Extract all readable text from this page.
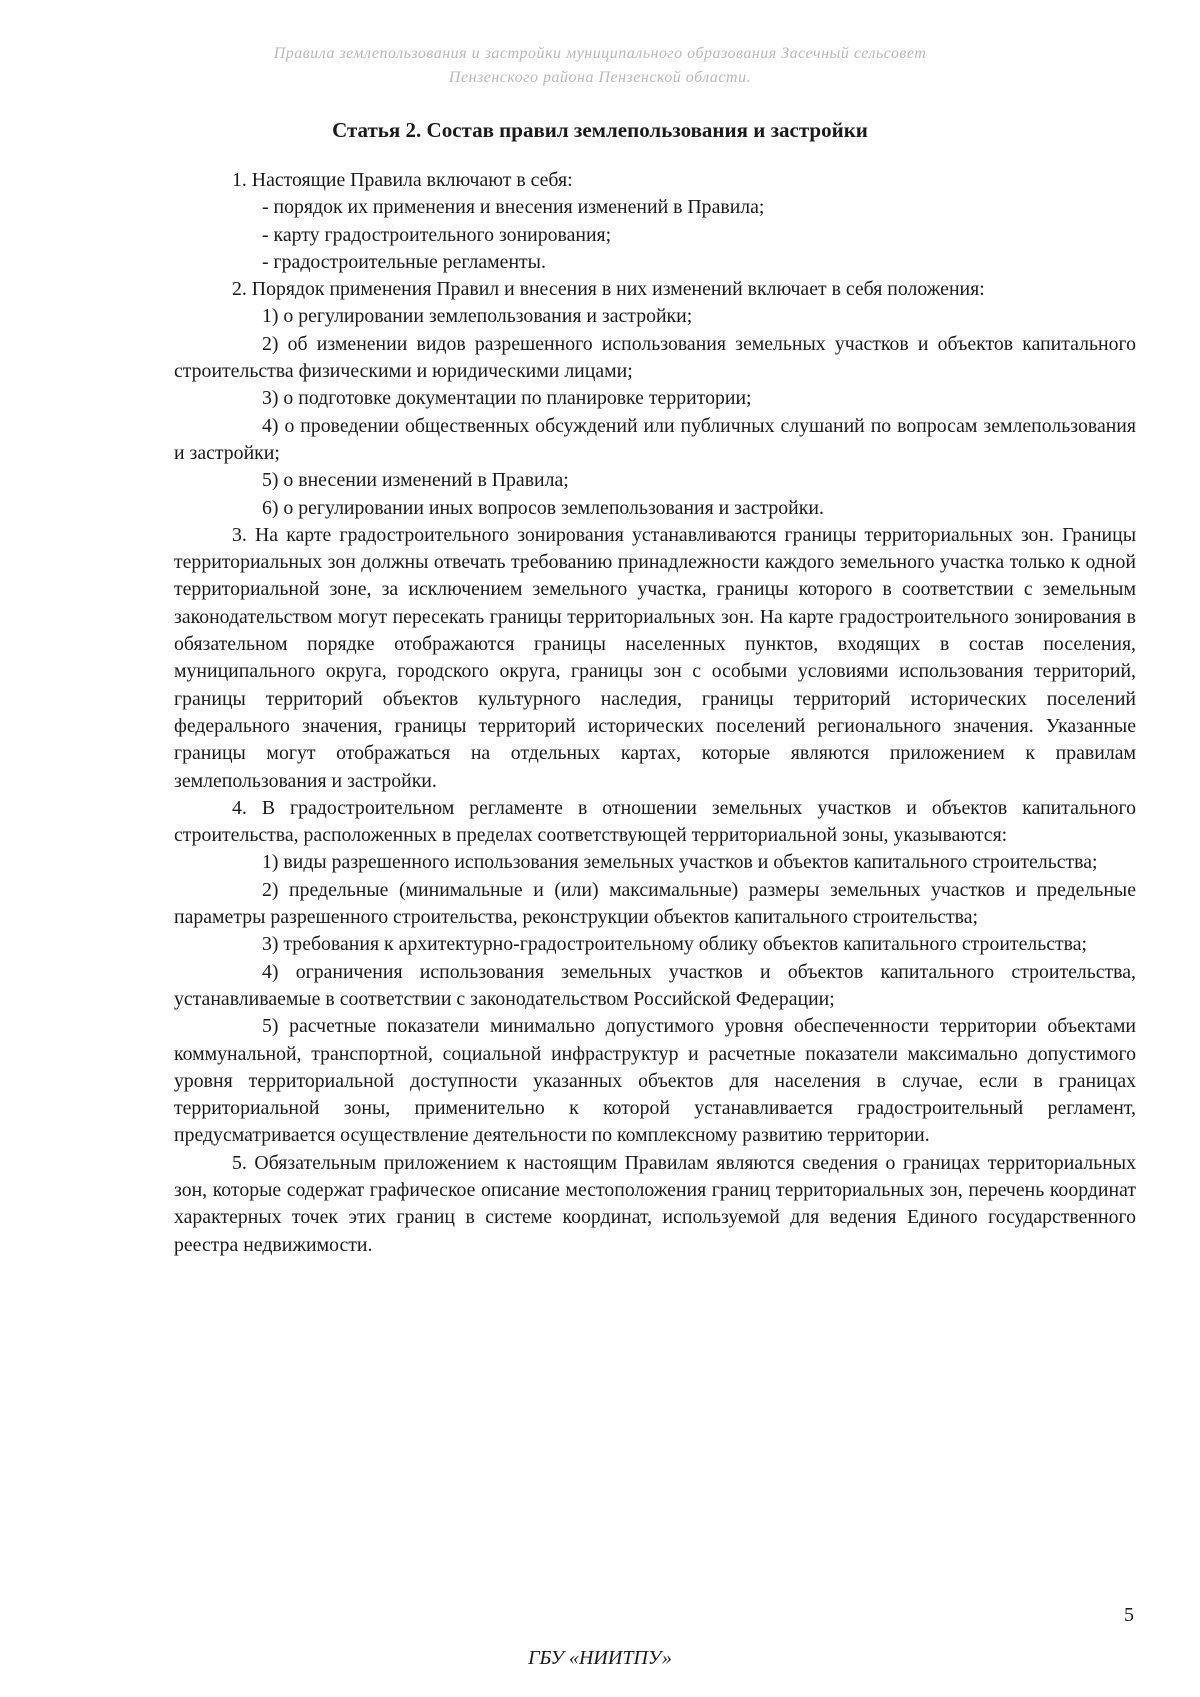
Правила землепользования и застройки муниципального образования Засечный сельсовет
Пензенского района Пензенской области.
Статья 2. Состав правил землепользования и застройки

1. Настоящие Правила включают в себя:

- порядок их применения и внесения изменений в Правила;

- карту градостроительного зонирования;

- градостроительные регламенты.

2. Порядок применения Правил и внесения в них изменений включает в себя положения:

1) о регулировании землепользования и застройки;

2) об изменении видов разрешенного использования земельных участков и объектов капитального строительства физическими и юридическими лицами;

3) о подготовке документации по планировке территории;

4) о проведении общественных обсуждений или публичных слушаний по вопросам землепользования и застройки;

5) о внесении изменений в Правила;

6) о регулировании иных вопросов землепользования и застройки.

3. На карте градостроительного зонирования устанавливаются границы территориальных зон. Границы территориальных зон должны отвечать требованию принадлежности каждого земельного участка только к одной территориальной зоне, за исключением земельного участка, границы которого в соответствии с земельным законодательством могут пересекать границы территориальных зон. На карте градостроительного зонирования в обязательном порядке отображаются границы населенных пунктов, входящих в состав поселения, муниципального округа, городского округа, границы зон с особыми условиями использования территорий, границы территорий объектов культурного наследия, границы территорий исторических поселений федерального значения, границы территорий исторических поселений регионального значения. Указанные границы могут отображаться на отдельных картах, которые являются приложением к правилам землепользования и застройки.

4. В градостроительном регламенте в отношении земельных участков и объектов капитального строительства, расположенных в пределах соответствующей территориальной зоны, указываются:

1) виды разрешенного использования земельных участков и объектов капитального строительства;

2) предельные (минимальные и (или) максимальные) размеры земельных участков и предельные параметры разрешенного строительства, реконструкции объектов капитального строительства;

3) требования к архитектурно-градостроительному облику объектов капитального строительства;

4) ограничения использования земельных участков и объектов капитального строительства, устанавливаемые в соответствии с законодательством Российской Федерации;

5) расчетные показатели минимально допустимого уровня обеспеченности территории объектами коммунальной, транспортной, социальной инфраструктур и расчетные показатели максимально допустимого уровня территориальной доступности указанных объектов для населения в случае, если в границах территориальной зоны, применительно к которой устанавливается градостроительный регламент, предусматривается осуществление деятельности по комплексному развитию территории.

5. Обязательным приложением к настоящим Правилам являются сведения о границах территориальных зон, которые содержат графическое описание местоположения границ территориальных зон, перечень координат характерных точек этих границ в системе координат, используемой для ведения Единого государственного реестра недвижимости.

5
ГБУ «НИИТПУ»
